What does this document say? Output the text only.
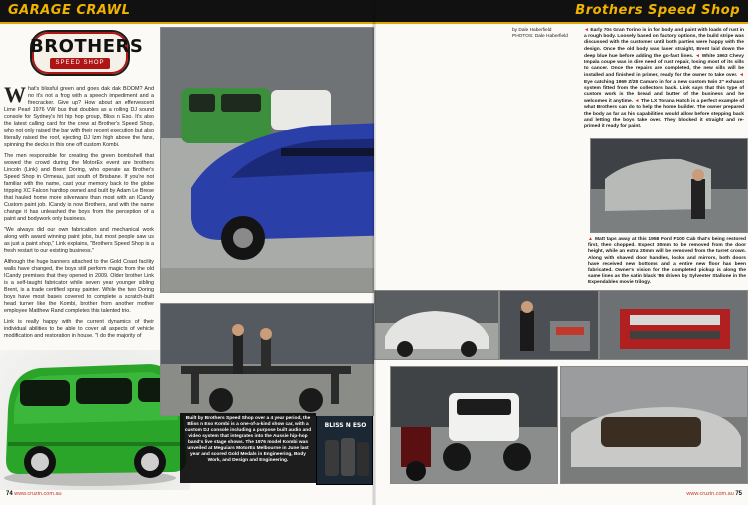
GARAGE CRAWL
BROTHERS
SPEED SHOP

What's blissful green and goes dak dak BOOM? And no it's not a frog with a speech impediment and a firecracker. Give up? How about an effervescent Lime Pearl 1976 VW bus that doubles as a rolling DJ sound console for Sydney's hit hip hop group, Bliss n Eso. It's also the latest calling card for the crew at Brother's Speed Shop, who not only raised the bar with their recent execution but also literally raised the roof, ejecting DJ Izm high above the fans, spinning the decks in this one off custom Kombi.

The men responsible for creating the green bombshell that wowed the crowd during the MotorEx event are brothers Lincoln (Link) and Brent Doring, who operate as Brother's Speed Shop in Ormeau, just south of Brisbane. If you're not familiar with the name, cast your memory back to the globe tripping XC Falcon hardtop owned and built by Adam Le Brese that hauled home more silverware than most with an ICandy Custom paint job. ICandy is now Brothers, and with the name change it has unleashed the boys from the perception of a paint and bodywork only business.

"We always did our own fabrication and mechanical work along with award winning paint jobs, but most people saw us as just a paint shop," Link explains, "Brothers Speed Shop is a fresh restart to our existing business."

Although the huge banners attached to the Gold Coast facility walls have changed, the boys still perform magic from the old ICandy premises that they opened in 2009. Older brother Link is a self-taught fabricator while seven year younger sibling Brent, is a trade certified spray painter. While the two Doring boys have most bases covered to complete a scratch-built head turner like the Kombi, brother from another mother employee Matthew Rand completes this talented trio.

Link is really happy with the current dynamics of their individual abilities to be able to cover all aspects of vehicle modification and restoration in house. "I do the majority of

BLISS N ESO
74 www.cruzin.com.au
Built by Brothers Speed Shop over a 4 year period, the Bliss n Eso Kombi is a one-of-a-kind show car, with a custom DJ console including a purpose built audio and video system that integrates into the Aussie hip-hop band's live stage shows. The 1976 model Kombi was unveiled at Meguiars MotorEx Melbourne in June last year and scored Gold Medals in Engineering, Body Work, and Design and Engineering.
Brothers Speed Shop

◄ Early 70s Gran Torino is in for body and paint with loads of rust in a rough body. Loosely based on factory options, the build stripe was discussed with the customer until both parties were happy with the design. Once the old body was laser straight, Brent laid down the deep blue hue before adding the go-fast lines. ◄ White 1963 Chevy Impala coupe was in dire need of rust repair, losing most of its sills to cancer. Once the repairs are completed, the new sills will be installed and finished in primer, ready for the owner to take over. ◄ Eye catching 1969 Z/28 Camaro in for a new custom twin 3" exhaust system fitted from the collectors back. Link says that this type of custom work is the bread and butter of the business and he welcomes it anytime. ◄ The LX Torana Hatch is a perfect example of what Brothers can do to help the home builder. The owner prepared the body as far as his capabilities would allow before stepping back and letting the boys take over. They blocked it straight and re-primed it ready for paint.

▲ Matt taps away at this 1958 Ford F100 Cab that's being restored first, then chopped. Expect 30mm to be removed from the door height, while an extra 20mm will be removed from the turret crown. Along with shaved door handles, locks and mirrors, both doors have received new bottoms and a entire new floor has been fabricated. Owner's vision for the completed pickup is along the same lines as the satin black '86 driven by Sylvester Stallone in the Expendables movie trilogy.

www.cruzin.com.au 75
by Dale Haberfield
PHOTOS: Dale Haberfield
